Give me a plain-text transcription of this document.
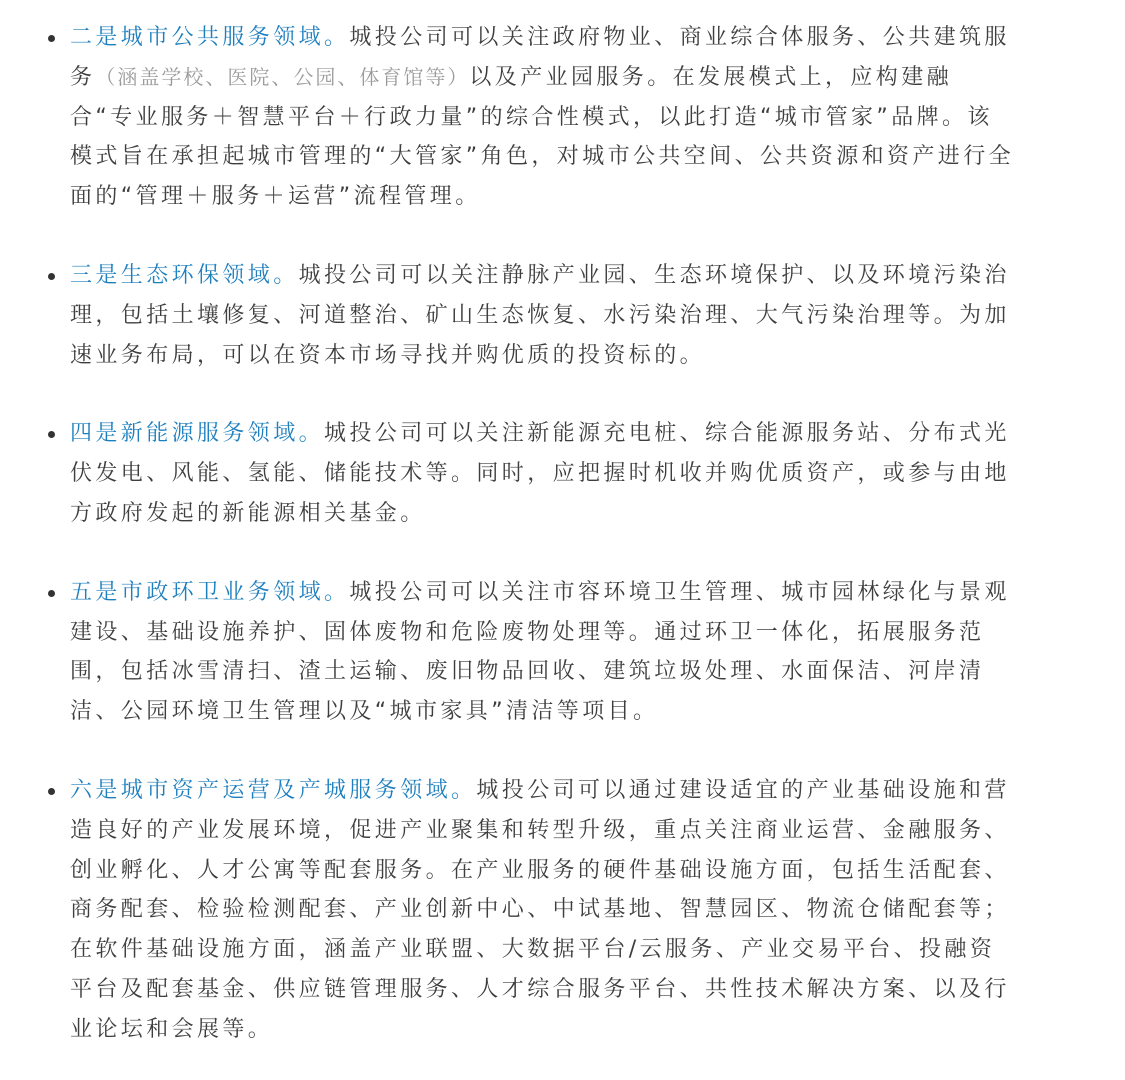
二是城市公共服务领域。城投公司可以关注政府物业、商业综合体服务、公共建筑服务（涵盖学校、医院、公园、体育馆等）以及产业园服务。在发展模式上，应构建融合“专业服务＋智慧平台＋行政力量”的综合性模式，以此打造“城市管家”品牌。该模式旨在承担起城市管理的“大管家”角色，对城市公共空间、公共资源和资产进行全面的“管理＋服务＋运营”流程管理。
三是生态环保领域。城投公司可以关注静脉产业园、生态环境保护、以及环境污染治理，包括土壤修复、河道整治、矿山生态恢复、水污染治理、大气污染治理等。为加速业务布局，可以在资本市场寻找并购优质的投资标的。
四是新能源服务领域。城投公司可以关注新能源充电桩、综合能源服务站、分布式光伏发电、风能、氢能、储能技术等。同时，应把握时机收并购优质资产，或参与由地方政府发起的新能源相关基金。
五是市政环卫业务领域。城投公司可以关注市容环境卫生管理、城市园林绿化与景观建设、基础设施养护、固体废物和危险废物处理等。通过环卫一体化，拓展服务范围，包括冰雪清扫、渣土运输、废旧物品回收、建筑垃圾处理、水面保洁、河岸清洁、公园环境卫生管理以及“城市家具”清洁等项目。
六是城市资产运营及产城服务领域。城投公司可以通过建设适宜的产业基础设施和营造良好的产业发展环境，促进产业聚集和转型升级，重点关注商业运营、金融服务、创业孵化、人才公寓等配套服务。在产业服务的硬件基础设施方面，包括生活配套、商务配套、检验检测配套、产业创新中心、中试基地、智慧园区、物流仓储配套等；在软件基础设施方面，涵盖产业联盟、大数据平台/云服务、产业交易平台、投融资平台及配套基金、供应链管理服务、人才综合服务平台、共性技术解决方案、以及行业论坛和会展等。
